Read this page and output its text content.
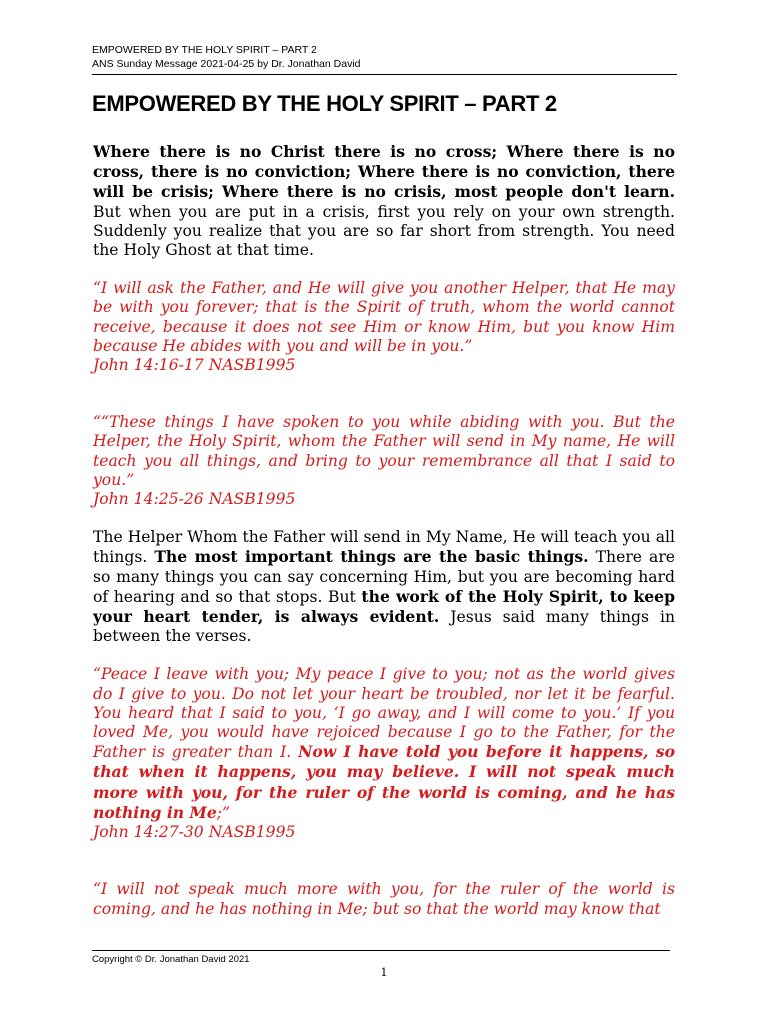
EMPOWERED BY THE HOLY SPIRIT – PART 2
ANS Sunday Message 2021-04-25 by Dr. Jonathan David
EMPOWERED BY THE HOLY SPIRIT – PART 2

Where there is no Christ there is no cross; Where there is no cross, there is no conviction; Where there is no conviction, there will be crisis; Where there is no crisis, most people don't learn. But when you are put in a crisis, first you rely on your own strength. Suddenly you realize that you are so far short from strength. You need the Holy Ghost at that time.

“I will ask the Father, and He will give you another Helper, that He may be with you forever; that is the Spirit of truth, whom the world cannot receive, because it does not see Him or know Him, but you know Him because He abides with you and will be in you.”

John 14:16-17 NASB1995

““These things I have spoken to you while abiding with you. But the Helper, the Holy Spirit, whom the Father will send in My name, He will teach you all things, and bring to your remembrance all that I said to you.”

John 14:25-26 NASB1995

The Helper Whom the Father will send in My Name, He will teach you all things. The most important things are the basic things. There are so many things you can say concerning Him, but you are becoming hard of hearing and so that stops. But the work of the Holy Spirit, to keep your heart tender, is always evident. Jesus said many things in between the verses.

“Peace I leave with you; My peace I give to you; not as the world gives do I give to you. Do not let your heart be troubled, nor let it be fearful. You heard that I said to you, ‘I go away, and I will come to you.’ If you loved Me, you would have rejoiced because I go to the Father, for the Father is greater than I. Now I have told you before it happens, so that when it happens, you may believe. I will not speak much more with you, for the ruler of the world is coming, and he has nothing in Me;”

John 14:27-30 NASB1995

“I will not speak much more with you, for the ruler of the world is coming, and he has nothing in Me; but so that the world may know that

Copyright © Dr. Jonathan David 2021
1
